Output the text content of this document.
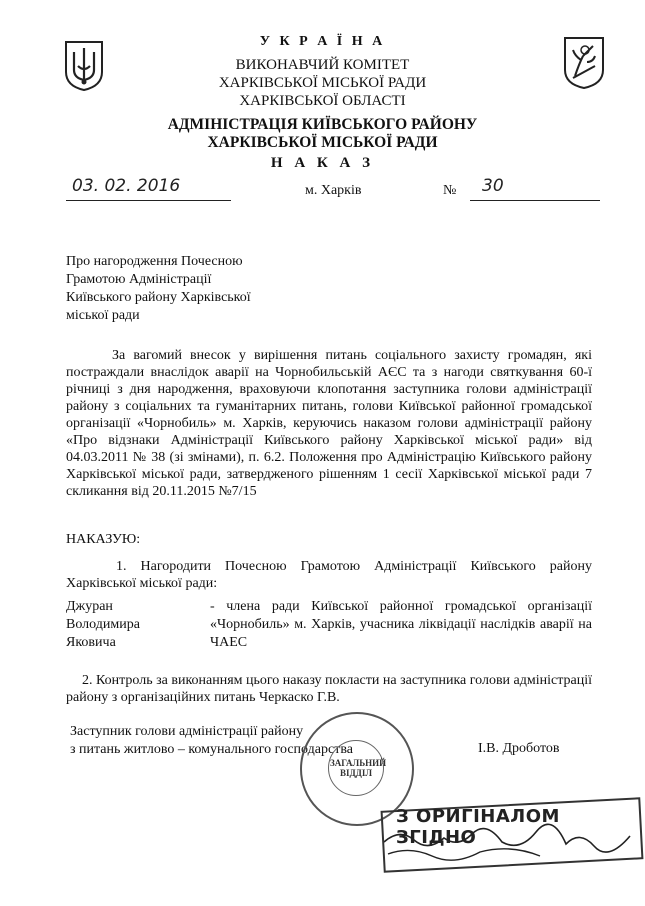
У К Р А Ї Н А
ВИКОНАВЧИЙ КОМІТЕТ
ХАРКІВСЬКОЇ МІСЬКОЇ РАДИ
ХАРКІВСЬКОЇ ОБЛАСТІ
АДМІНІСТРАЦІЯ КИЇВСЬКОГО РАЙОНУ
ХАРКІВСЬКОЇ МІСЬКОЇ РАДИ
Н А К А З
03. 02. 2016	м. Харків	№	30
Про нагородження Почесною
Грамотою Адміністрації
Київського району Харківської
міської ради
За вагомий внесок у вирішення питань соціального захисту громадян, які постраждали внаслідок аварії на Чорнобильській АЄС та з нагоди святкування 60-ї річниці з дня народження, враховуючи клопотання заступника голови адміністрації району з соціальних та гуманітарних питань, голови Київської районної громадської організації «Чорнобиль» м. Харків, керуючись наказом голови адміністрації району «Про відзнаки Адміністрації Київського району Харківської міської ради» від 04.03.2011 № 38 (зі змінами), п. 6.2. Положення про Адміністрацію Київського району Харківської міської ради, затвердженого рішенням 1 сесії Харківської міської ради 7 скликання від 20.11.2015 №7/15
НАКАЗУЮ:
1. Нагородити Почесною Грамотою Адміністрації Київського району Харківської міської ради:
Джуран
Володимира
Яковича
- члена ради Київської районної громадської організації «Чорнобиль» м. Харків, учасника ліквідації наслідків аварії на ЧАЕС
2. Контроль за виконанням цього наказу покласти на заступника голови адміністрації району з організаційних питань Черкаско Г.В.
Заступник голови адміністрації району
з питань житлово – комунального господарства	І.В. Дроботов
ЗАГАЛЬНИЙ ВІДДІЛ
З ОРИГІНАЛОМ ЗГІДНО
